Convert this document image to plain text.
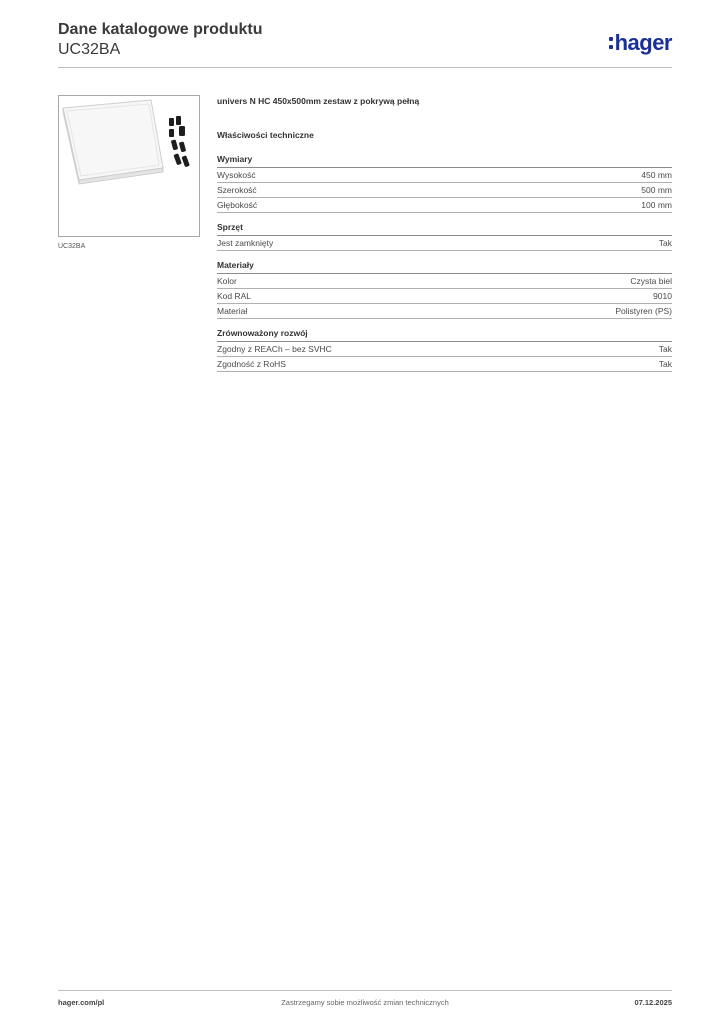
Dane katalogowe produktu
UC32BA	hager
UC32BA
univers N HC 450x500mm zestaw z pokrywą pełną
Właściwości techniczne
Wymiary
Wysokość	450 mm
Szerokość	500 mm
Głębokość	100 mm
Sprzęt
Jest zamknięty	Tak
Materiały
Kolor	Czysta biel
Kod RAL	9010
Materiał	Polistyren (PS)
Zrównoważony rozwój
Zgodny z REACh – bez SVHC	Tak
Zgodność z RoHS	Tak
hager.com/pl	Zastrzegamy sobie możliwość zmian technicznych	07.12.2025
